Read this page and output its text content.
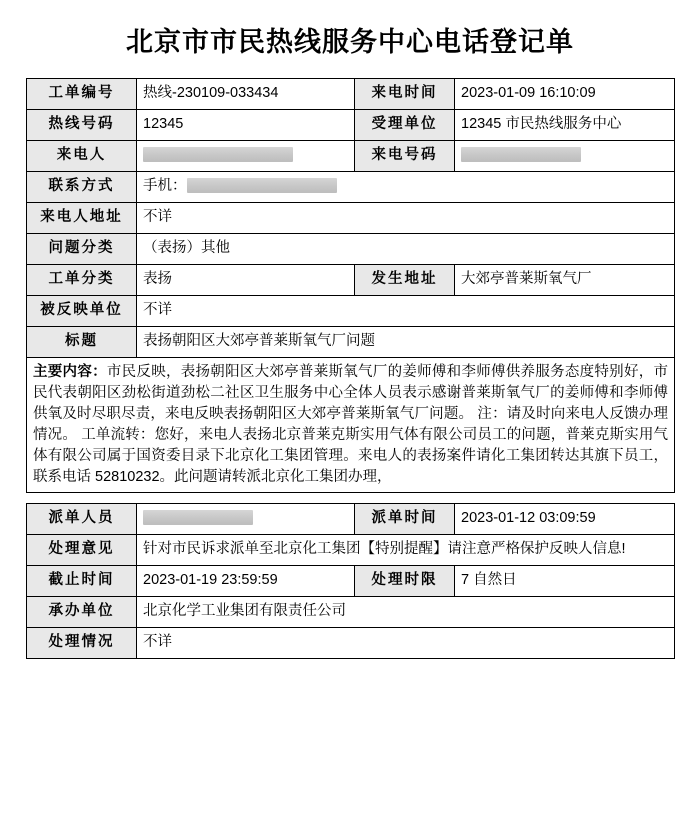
北京市市民热线服务中心电话登记单
工单编号	热线-230109-033434	来电时间	2023-01-09 16:10:09
热线号码	12345	受理单位	12345 市民热线服务中心
来电人		来电号码	
联系方式	手机：		
来电人地址	不详		
问题分类	（表扬）其他		
工单分类	表扬	发生地址	大郊亭普莱斯氧气厂
被反映单位	不详		
标题	表扬朝阳区大郊亭普莱斯氧气厂问题		

主要内容：市民反映，表扬朝阳区大郊亭普莱斯氧气厂的姜师傅和李师傅供养服务态度特别好，市民代表朝阳区劲松街道劲松二社区卫生服务中心全体人员表示感谢普莱斯氧气厂的姜师傅和李师傅供氧及时尽职尽责，来电反映表扬朝阳区大郊亭普莱斯氧气厂问题。 注：请及时向来电人反馈办理情况。 工单流转：您好，来电人表扬北京普莱克斯实用气体有限公司员工的问题，普莱克斯实用气体有限公司属于国资委目录下北京化工集团管理。来电人的表扬案件请化工集团转达其旗下员工，联系电话 52810232。此问题请转派北京化工集团办理，			
派单人员		派单时间	2023-01-12 03:09:59
处理意见	针对市民诉求派单至北京化工集团【特别提醒】请注意严格保护反映人信息!		
截止时间	2023-01-19 23:59:59	处理时限	7 自然日
承办单位	北京化学工业集团有限责任公司		
处理情况	不详		
